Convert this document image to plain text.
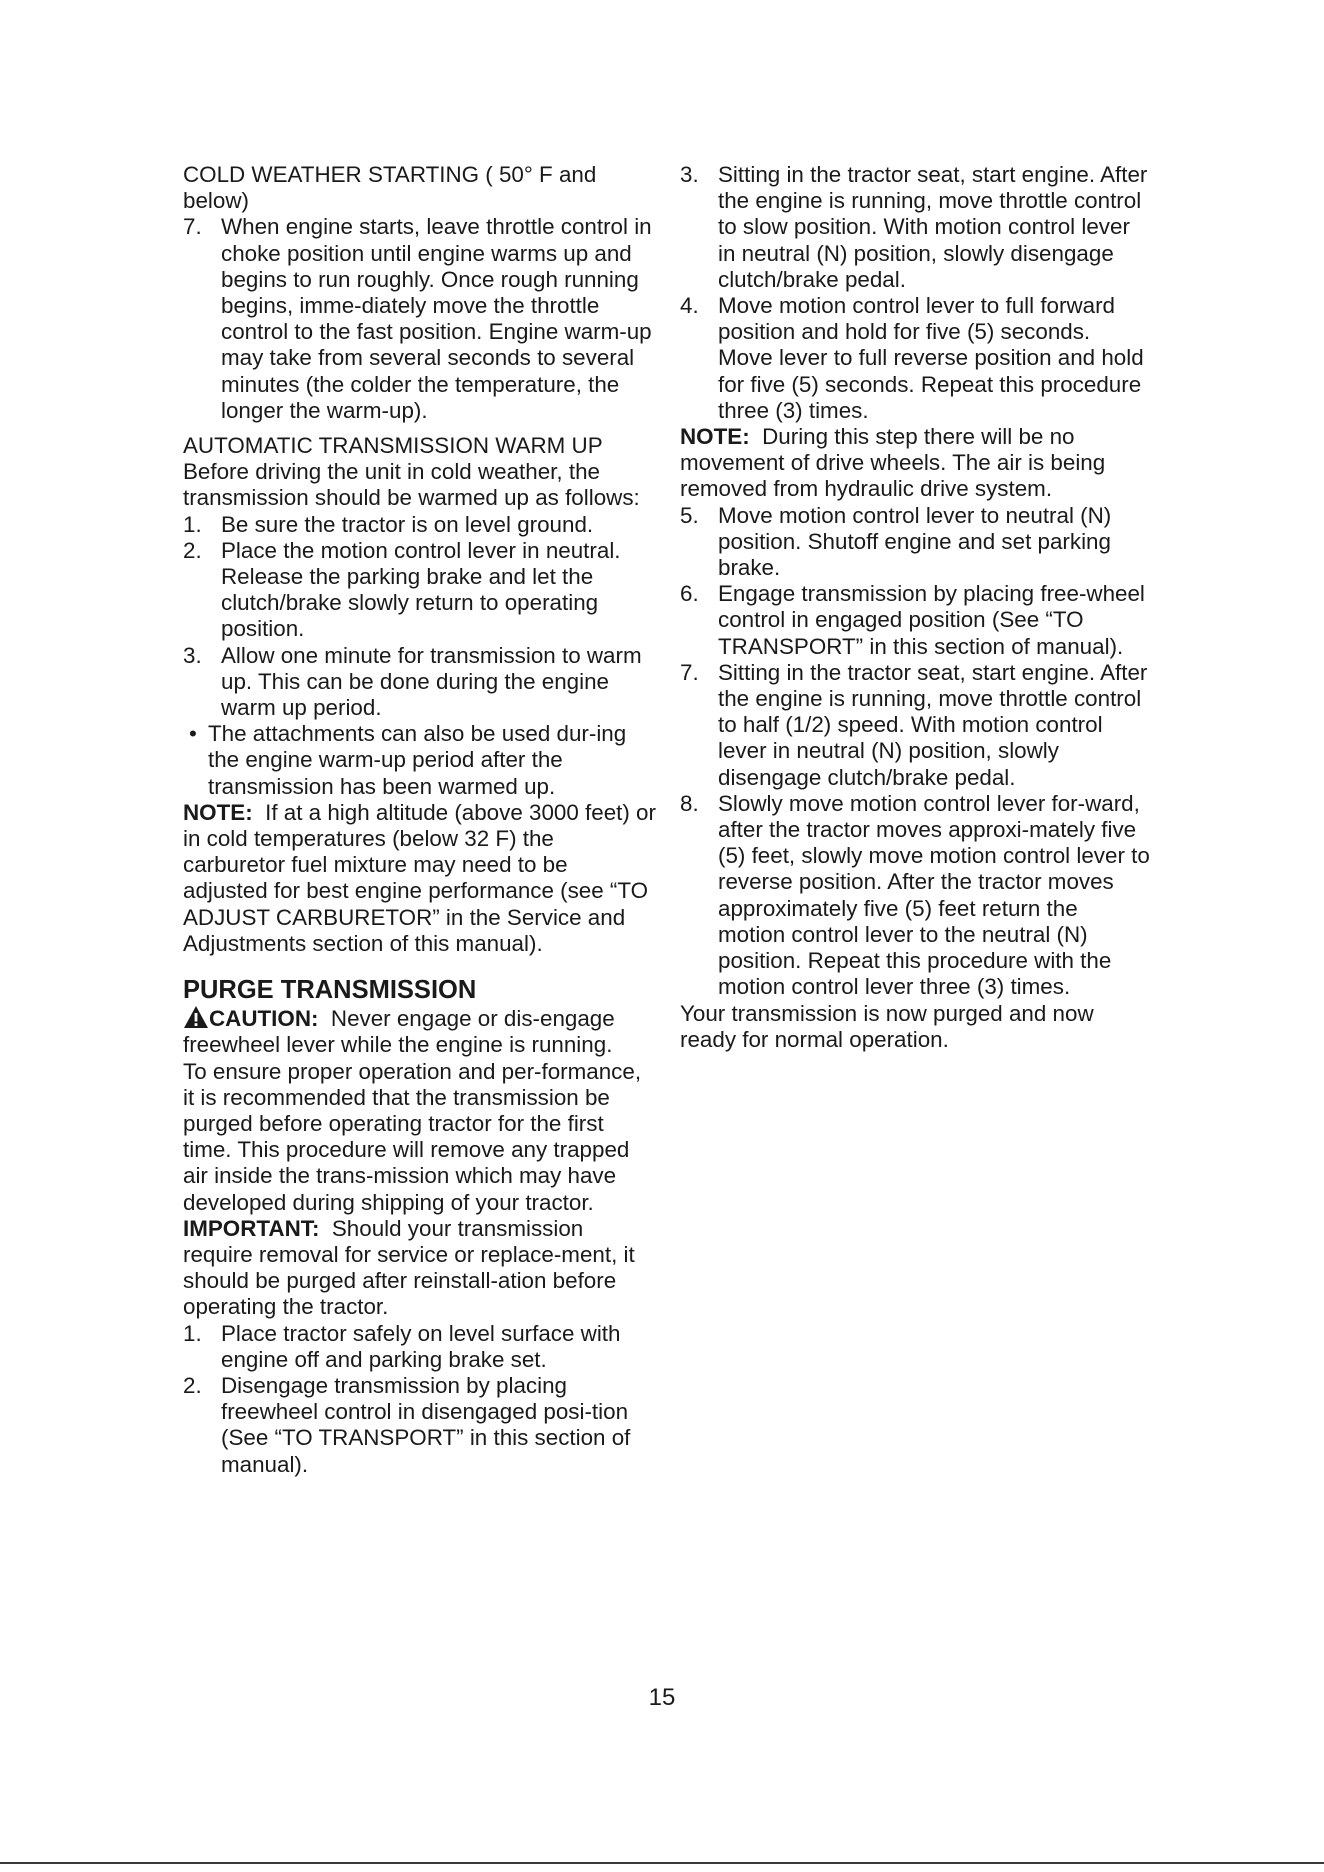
COLD WEATHER STARTING ( 50° F and below)

7. When engine starts, leave throttle control in choke position until engine warms up and begins to run roughly. Once rough running begins, imme-diately move the throttle control to the fast position. Engine warm-up may take from several seconds to several minutes (the colder the temperature, the longer the warm-up).

AUTOMATIC TRANSMISSION WARM UP

Before driving the unit in cold weather, the transmission should be warmed up as follows:

1. Be sure the tractor is on level ground.
2. Place the motion control lever in neutral. Release the parking brake and let the clutch/brake slowly return to operating position.
3. Allow one minute for transmission to warm up. This can be done during the engine warm up period.
• The attachments can also be used dur-ing the engine warm-up period after the transmission has been warmed up.

NOTE: If at a high altitude (above 3000 feet) or in cold temperatures (below 32 F) the carburetor fuel mixture may need to be adjusted for best engine performance (see “TO ADJUST CARBURETOR” in the Service and Adjustments section of this manual).

PURGE TRANSMISSION

CAUTION: Never engage or dis-engage freewheel lever while the engine is running.

To ensure proper operation and per-formance, it is recommended that the transmission be purged before operating tractor for the first time. This procedure will remove any trapped air inside the trans-mission which may have developed during shipping of your tractor.

IMPORTANT: Should your transmission require removal for service or replace-ment, it should be purged after reinstall-ation before operating the tractor.

1. Place tractor safely on level surface with engine off and parking brake set.
2. Disengage transmission by placing freewheel control in disengaged posi-tion (See “TO TRANSPORT” in this section of manual).
3. Sitting in the tractor seat, start engine. After the engine is running, move throttle control to slow position. With motion control lever in neutral (N) position, slowly disengage clutch/brake pedal.
4. Move motion control lever to full forward position and hold for five (5) seconds. Move lever to full reverse position and hold for five (5) seconds. Repeat this procedure three (3) times.

NOTE: During this step there will be no movement of drive wheels. The air is being removed from hydraulic drive system.

5. Move motion control lever to neutral (N) position. Shutoff engine and set parking brake.
6. Engage transmission by placing free-wheel control in engaged position (See “TO TRANSPORT” in this section of manual).
7. Sitting in the tractor seat, start engine. After the engine is running, move throttle control to half (1/2) speed. With motion control lever in neutral (N) position, slowly disengage clutch/brake pedal.
8. Slowly move motion control lever for-ward, after the tractor moves approxi-mately five (5) feet, slowly move motion control lever to reverse position. After the tractor moves approximately five (5) feet return the motion control lever to the neutral (N) position. Repeat this procedure with the motion control lever three (3) times.

Your transmission is now purged and now ready for normal operation.

15
